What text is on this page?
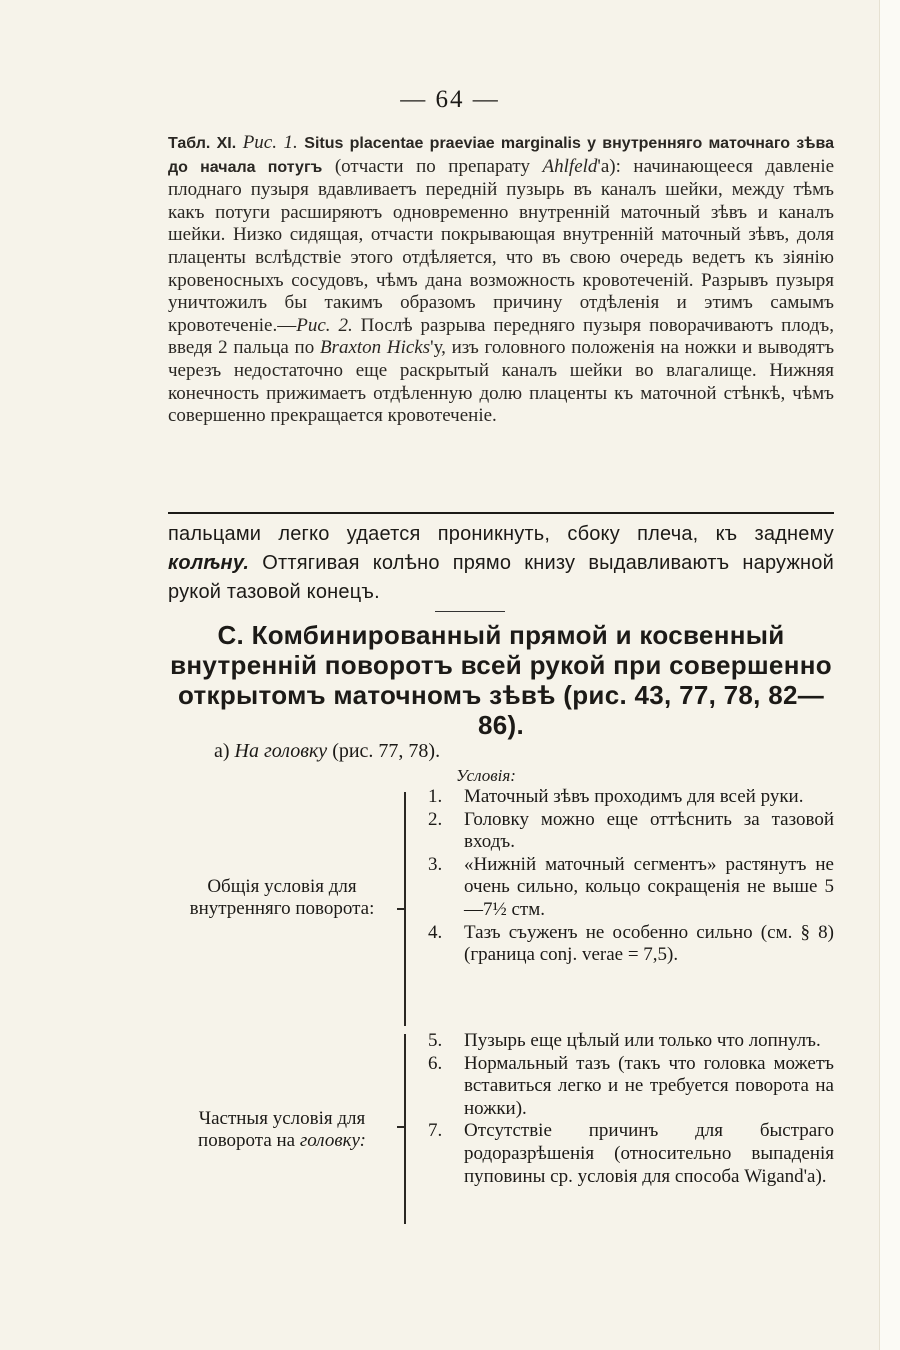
— 64 —
Табл. XI. Рис. 1. Situs placentae praeviae marginalis у внутренняго маточнаго зѣва до начала потугъ (отчасти по препарату Ahlfeld'а): начинающееся давленіе плоднаго пузыря вдавливаетъ передній пузырь въ каналъ шейки, между тѣмъ какъ потуги расширяютъ одновременно внутренній маточный зѣвъ и каналъ шейки. Низко сидящая, отчасти покрывающая внутренній маточный зѣвъ, доля плаценты вслѣдствіе этого отдѣляется, что въ свою очередь ведетъ къ зіянію кровеносныхъ сосудовъ, чѣмъ дана возможность кровотеченій. Разрывъ пузыря уничтожилъ бы такимъ образомъ причину отдѣленія и этимъ самымъ кровотеченіе.—Рис. 2. Послѣ разрыва передняго пузыря поворачиваютъ плодъ, введя 2 пальца по Braxton Hicks'у, изъ головного положенія на ножки и выводятъ черезъ недостаточно еще раскрытый каналъ шейки во влагалище. Нижняя конечность прижимаетъ отдѣленную долю плаценты къ маточной стѣнкѣ, чѣмъ совершенно прекращается кровотеченіе.
пальцами легко удается проникнуть, сбоку плеча, къ заднему колѣну. Оттягивая колѣно прямо книзу выдавливаютъ наружной рукой тазовой конецъ.
C. Комбинированный прямой и косвенный внутренній поворотъ всей рукой при совершенно открытомъ маточномъ зѣвѣ (рис. 43, 77, 78, 82—86).
а) На головку (рис. 77, 78).
Условія:
Общія условія для внутренняго поворота:
1.	Маточный зѣвъ проходимъ для всей руки.
2.	Головку можно еще оттѣснить за тазовой входъ.
3.	«Нижній маточный сегментъ» растянутъ не очень сильно, кольцо сокращенія не выше 5—7½ стм.
4.	Тазъ съуженъ не особенно сильно (см. § 8) (граница conj. verae = 7,5).
Частныя условія для поворота на головку:
5.	Пузырь еще цѣлый или только что лопнулъ.
6.	Нормальный тазъ (такъ что головка можетъ вставиться легко и не требуется поворота на ножки).
7.	Отсутствіе причинъ для быстраго родоразрѣшенія (относительно выпаденія пуповины ср. условія для способа Wigand'а).
